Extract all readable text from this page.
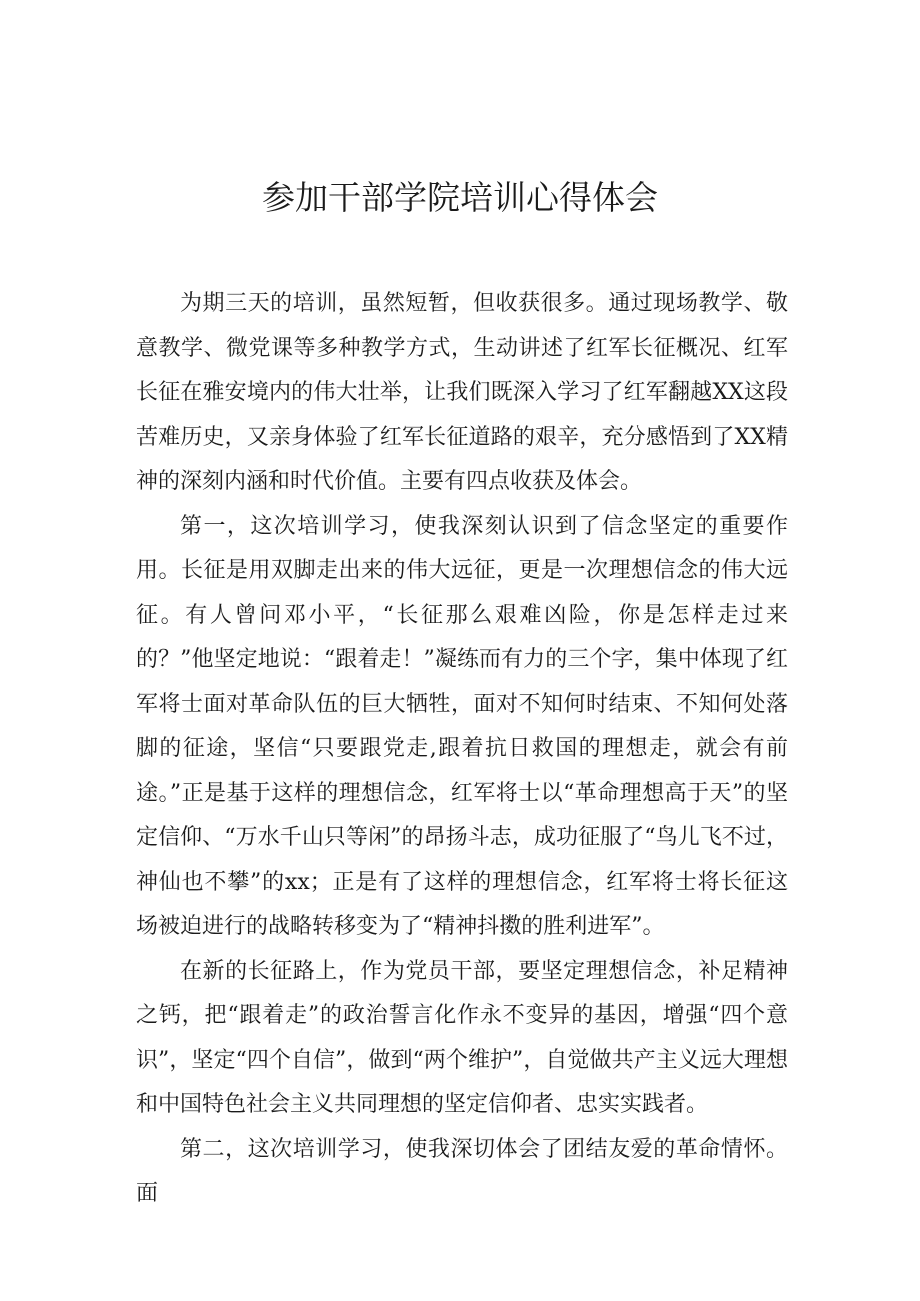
参加干部学院培训心得体会

为期三天的培训，虽然短暂，但收获很多。通过现场教学、敬意教学、微党课等多种教学方式，生动讲述了红军长征概况、红军长征在雅安境内的伟大壮举，让我们既深入学习了红军翻越XX这段苦难历史，又亲身体验了红军长征道路的艰辛，充分感悟到了XX精神的深刻内涵和时代价值。主要有四点收获及体会。

第一，这次培训学习，使我深刻认识到了信念坚定的重要作用。长征是用双脚走出来的伟大远征，更是一次理想信念的伟大远征。有人曾问邓小平，“长征那么艰难凶险，你是怎样走过来的？”他坚定地说：“跟着走！”凝练而有力的三个字，集中体现了红军将士面对革命队伍的巨大牺牲，面对不知何时结束、不知何处落脚的征途，坚信“只要跟党走,跟着抗日救国的理想走，就会有前途。”正是基于这样的理想信念，红军将士以“革命理想高于天”的坚定信仰、“万水千山只等闲”的昂扬斗志，成功征服了“鸟儿飞不过，神仙也不攀”的xx；正是有了这样的理想信念，红军将士将长征这场被迫进行的战略转移变为了“精神抖擞的胜利进军”。

在新的长征路上，作为党员干部，要坚定理想信念，补足精神之钙，把“跟着走”的政治誓言化作永不变异的基因，增强“四个意识”，坚定“四个自信”，做到“两个维护”，自觉做共产主义远大理想和中国特色社会主义共同理想的坚定信仰者、忠实实践者。

第二，这次培训学习，使我深切体会了团结友爱的革命情怀。面
